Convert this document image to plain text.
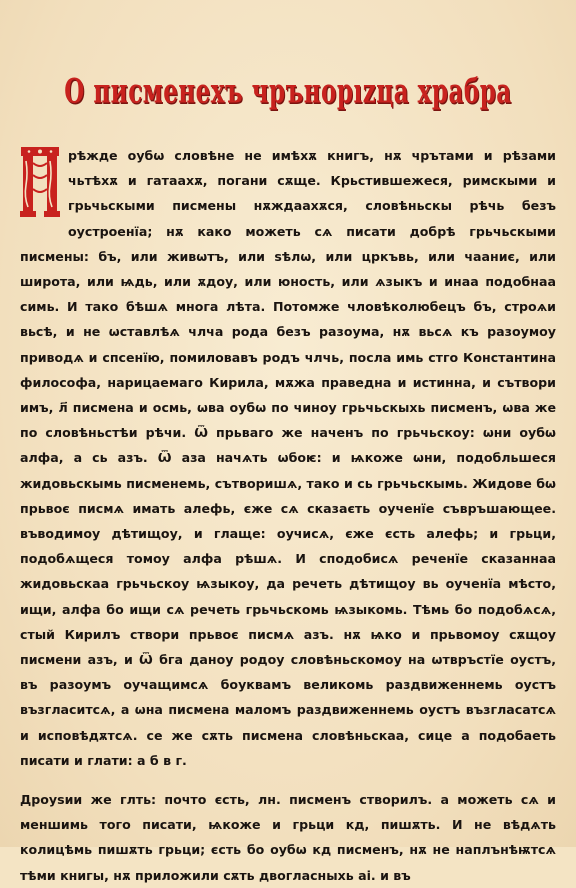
О писменехъ чрънорızца храбра

рѣжде оубѡ словѣне не имѣхѫ книгъ, нѫ чрътами и рѣзами чьтѣхѫ и гатаахѫ, погани сѫще. Крьстившежеся, римскыми и грьчьскыми писмены нѫждаахѫся, словѣньскы рѣчь безъ оустроенїа; нѫ како можеть сѧ писати добрѣ грьчьскыми писмены: бъ, или живѡтъ, или ѕѣлѡ, или цркъвь, или чааниє, или широта, или ѩдь, или ѫдоу, или юность, или ѧзыкъ и инаа подобнаа симь. И тако бѣшѧ многа лѣта. Потомже чловѣколюбецъ бъ, строѧи вьсѣ, и не ѡставлѣѧ члча рода безъ разоума, нѫ вьсѧ къ разоумоу приводѧ и спсенїю, помиловавъ родъ члчь, посла имь стго Константина философа, нарицаемаго Кирила, мѫжа праведна и истинна, и сътвори имъ, л҃ писмена и осмь, ѡва оубѡ по чиноу грьчьскыхь писменъ, ѡва же по словѣньстѣи рѣчи. Ѿ прьваго же наченъ по грьчьскоу: ѡни оубѡ алфа, а сь азъ. Ѿ аза начѧть ѡбоѥ: и ѩкоже ѡни, подобльшеся жидовьскымь писменемь, сътворишѧ, тако и сь грьчьскымь. Жидове бѡ прьвоє писмѧ имать алефь, єже сѧ сказаєть оученїе съвръшающее. въводимоу дѣтищоу, и глаще: оучисѧ, єже єсть алефь; и грьци, подобѧщеся томоу алфа рѣшѧ. И сподобисѧ реченїе сказаннаа жидовьскаа грьчьскоу ѩзыкоу, да речеть дѣтищоу вь оученїа мѣсто, ищи, алфа бо ищи сѧ речеть грьчьскомь ѩзыкомь. Тѣмь бо подобѧсѧ, стый Кирилъ створи прьвоє писмѧ азъ. нѫ ѩко и прьвомоу сѫщоу писмени азъ, и Ѿ бга даноу родоу словѣньскомоу на ѡтвръстїе оустъ, въ разоумъ оучащимсѧ боуквамъ великомь раздвиженнемь оустъ възгласитсѧ, а ѡна писмена маломъ раздвиженнемь оустъ възглаcатсѧ и исповѣдѫтсѧ. се же сѫть писмена словѣньскаа, сице а подобаеть писати и глати: а б в г.

Дроуѕии же глть: почто єсть, лн. писменъ створилъ. а можеть сѧ и меншимь того писати, ѩкоже и грьци кд, пишѫть. И не вѣдѧть колицѣмь пишѫть грьци; єсть бо оубѡ кд писменъ, нѫ не наплънѣѭтсѧ тѣми книгы, нѫ приложили сѫть двогласныхь аі. и въ
